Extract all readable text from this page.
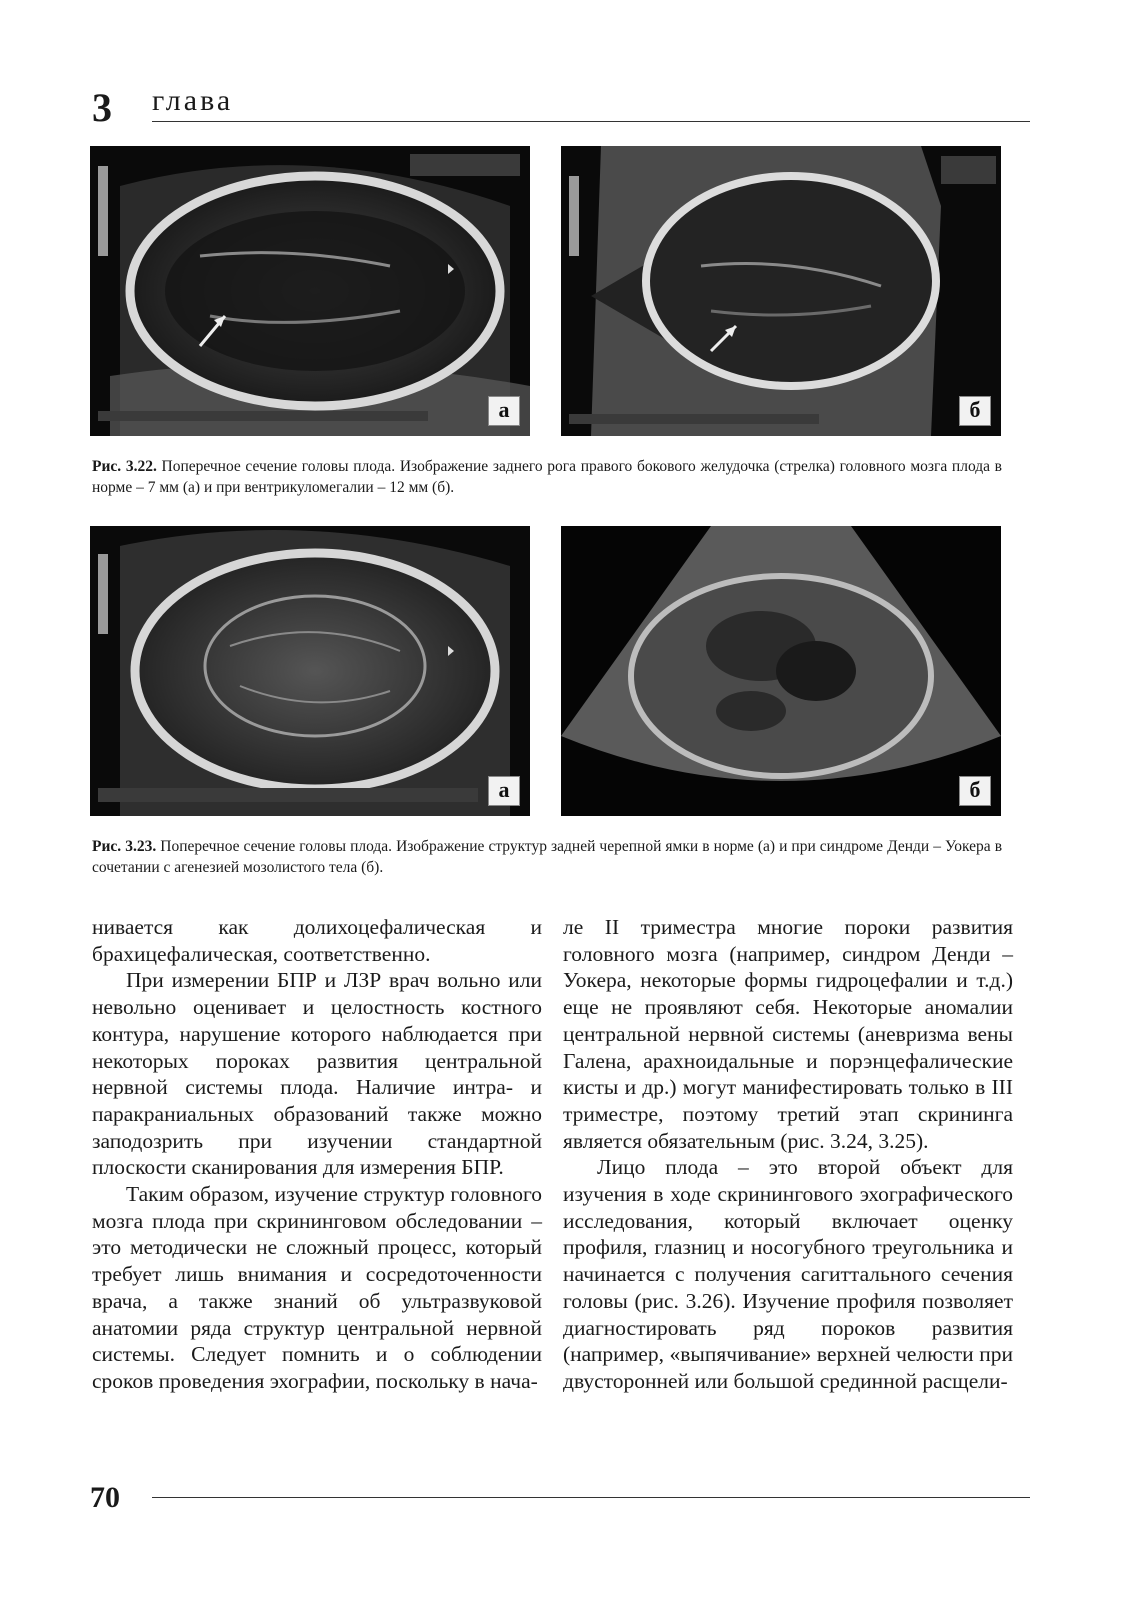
3 глава
а	б
Рис. 3.22. Поперечное сечение головы плода. Изображение заднего рога правого бокового желудочка (стрелка) головного мозга плода в норме – 7 мм (а) и при вентрикуломегалии – 12 мм (б).
а	б
Рис. 3.23. Поперечное сечение головы плода. Изображение структур задней черепной ямки в норме (а) и при синдроме Денди – Уокера в сочетании с агенезией мозолистого тела (б).

нивается как долихоцефалическая и брахицефалическая, соответственно.

При измерении БПР и ЛЗР врач вольно или невольно оценивает и целостность костного контура, нарушение которого наблюдается при некоторых пороках развития центральной нервной системы плода. Наличие интра- и паракраниальных образований также можно заподозрить при изучении стандартной плоскости сканирования для измерения БПР.

Таким образом, изучение структур головного мозга плода при скрининговом обследовании – это методически не сложный процесс, который требует лишь внимания и сосредоточенности врача, а также знаний об ультразвуковой анатомии ряда структур центральной нервной системы. Следует помнить и о соблюдении сроков проведения эхографии, поскольку в нача-

ле II триместра многие пороки развития головного мозга (например, синдром Денди – Уокера, некоторые формы гидроцефалии и т.д.) еще не проявляют себя. Некоторые аномалии центральной нервной системы (аневризма вены Галена, арахноидальные и порэнцефалические кисты и др.) могут манифестировать только в III триместре, поэтому третий этап скрининга является обязательным (рис. 3.24, 3.25).

Лицо плода – это второй объект для изучения в ходе скринингового эхографического исследования, который включает оценку профиля, глазниц и носогубного треугольника и начинается с получения сагиттального сечения головы (рис. 3.26). Изучение профиля позволяет диагностировать ряд пороков развития (например, «выпячивание» верхней челюсти при двусторонней или большой срединной расщели-

70
